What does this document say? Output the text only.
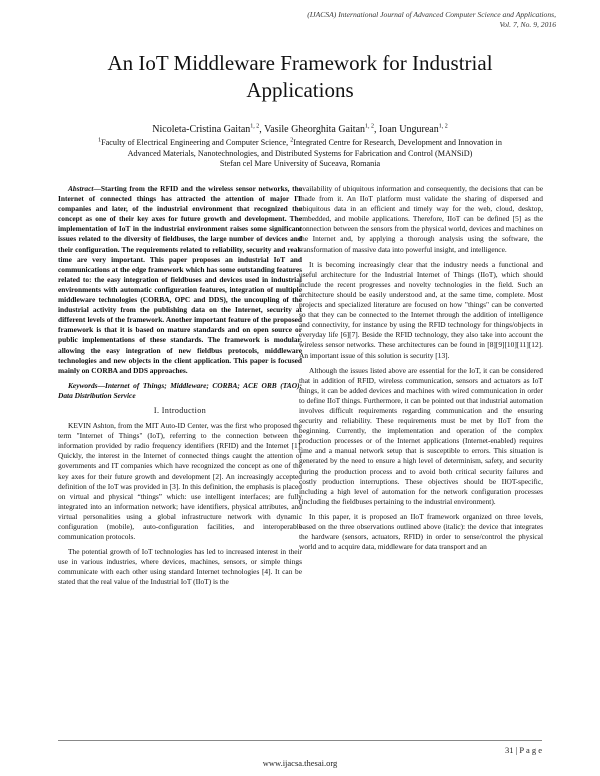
(IJACSA) International Journal of Advanced Computer Science and Applications,
Vol. 7, No. 9, 2016
An IoT Middleware Framework for Industrial Applications
Nicoleta-Cristina Gaitan$^{1, 2}$, Vasile Gheorghita Gaitan$^{1, 2}$, Ioan Ungurean$^{1, 2}$
$^1$Faculty of Electrical Engineering and Computer Science, $^2$Integrated Centre for Research, Development and Innovation in
Advanced Materials, Nanotechnologies, and Distributed Systems for Fabrication and Control (MANSiD)
Stefan cel Mare University of Suceava, Romania

Abstract—Starting from the RFID and the wireless sensor networks, the Internet of connected things has attracted the attention of major IT companies and later, of the industrial environment that recognized the concept as one of their key axes for future growth and development. The implementation of IoT in the industrial environment raises some significant issues related to the diversity of fieldbuses, the large number of devices and their configuration. The requirements related to reliability, security and real-time are very important. This paper proposes an industrial IoT and communications at the edge framework which has some outstanding features related to: the easy integration of fieldbuses and devices used in industrial environments with automatic configuration features, integration of multiple middleware technologies (CORBA, OPC and DDS), the uncoupling of the industrial activity from the publishing data on the Internet, security at different levels of the framework. Another important feature of the proposed framework is that it is based on mature standards and on open source or public implementations of these standards. The framework is modular, allowing the easy integration of new fieldbus protocols, middleware technologies and new objects in the client application. This paper is focused mainly on CORBA and DDS approaches.

Keywords—Internet of Things; Middleware; CORBA; ACE ORB (TAO); Data Distribution Service

I. Introduction

KEVIN Ashton, from the MIT Auto-ID Center, was the first who proposed the term "Internet of Things" (IoT), referring to the connection between the information provided by radio frequency identifiers (RFID) and the Internet [1]. Quickly, the interest in the Internet of connected things caught the attention of governments and IT companies which have recognized the concept as one of the key axes for their future growth and development [2]. An increasingly accepted definition of the IoT was provided in [3]. In this definition, the emphasis is placed on virtual and physical “things” which: use intelligent interfaces; are fully integrated into an information network; have identifiers, physical attributes, and virtual personalities using a global infrastructure network with dynamic configuration (mobile), auto-configuration facilities, and interoperable communication protocols.

The potential growth of IoT technologies has led to increased interest in their use in various industries, where devices, machines, sensors, or simple things communicate with each other using standard Internet technologies [4]. It can be stated that the real value of the Industrial IoT (IIoT) is the

availability of ubiquitous information and consequently, the decisions that can be made from it. An IIoT platform must validate the sharing of dispersed and ubiquitous data in an efficient and timely way for the web, cloud, desktop, embedded, and mobile applications. Therefore, IIoT can be defined [5] as the connection between the sensors from the physical world, devices and machines on the Internet and, by applying a thorough analysis using the software, the transformation of massive data into powerful insight, and intelligence.

It is becoming increasingly clear that the industry needs a functional and useful architecture for the Industrial Internet of Things (IIoT), which should include the recent progresses and novelty technologies in the field. Such an architecture should be easily understood and, at the same time, complete. Most projects and specialized literature are focused on how "things" can be converted so that they can be connected to the Internet through the addition of intelligence and connectivity, for instance by using the RFID technology for things/objects in everyday life [6][7]. Beside the RFID technology, they also take into account the wireless sensor networks. These architectures can be found in [8][9][10][11][12]. An important issue of this solution is security [13].

Although the issues listed above are essential for the IoT, it can be considered that in addition of RFID, wireless communication, sensors and actuators as IoT things, it can be added devices and machines with wired communication in order to define IIoT things. Furthermore, it can be pointed out that industrial automation involves difficult requirements regarding communication and the ensuring security and reliability. These requirements must be met by IIoT from the beginning. Currently, the implementation and operation of the complex production processes or of the Internet applications (Internet-enabled) requires time and a manual network setup that is susceptible to errors. This situation is generated by the need to ensure a high level of determinism, safety, and security during the production process and to avoid both critical security failures and costly production interruptions. These objectives should be IIOT-specific, including a high level of automation for the network configuration processes (including the fieldbuses pertaining to the industrial environment).

In this paper, it is proposed an IIoT framework organized on three levels, based on the three observations outlined above (italic): the device that integrates the hardware (sensors, actuators, RFID) in order to sense/control the physical world and to acquire data, middleware for data transport and an

31 | P a g e
www.ijacsa.thesai.org
